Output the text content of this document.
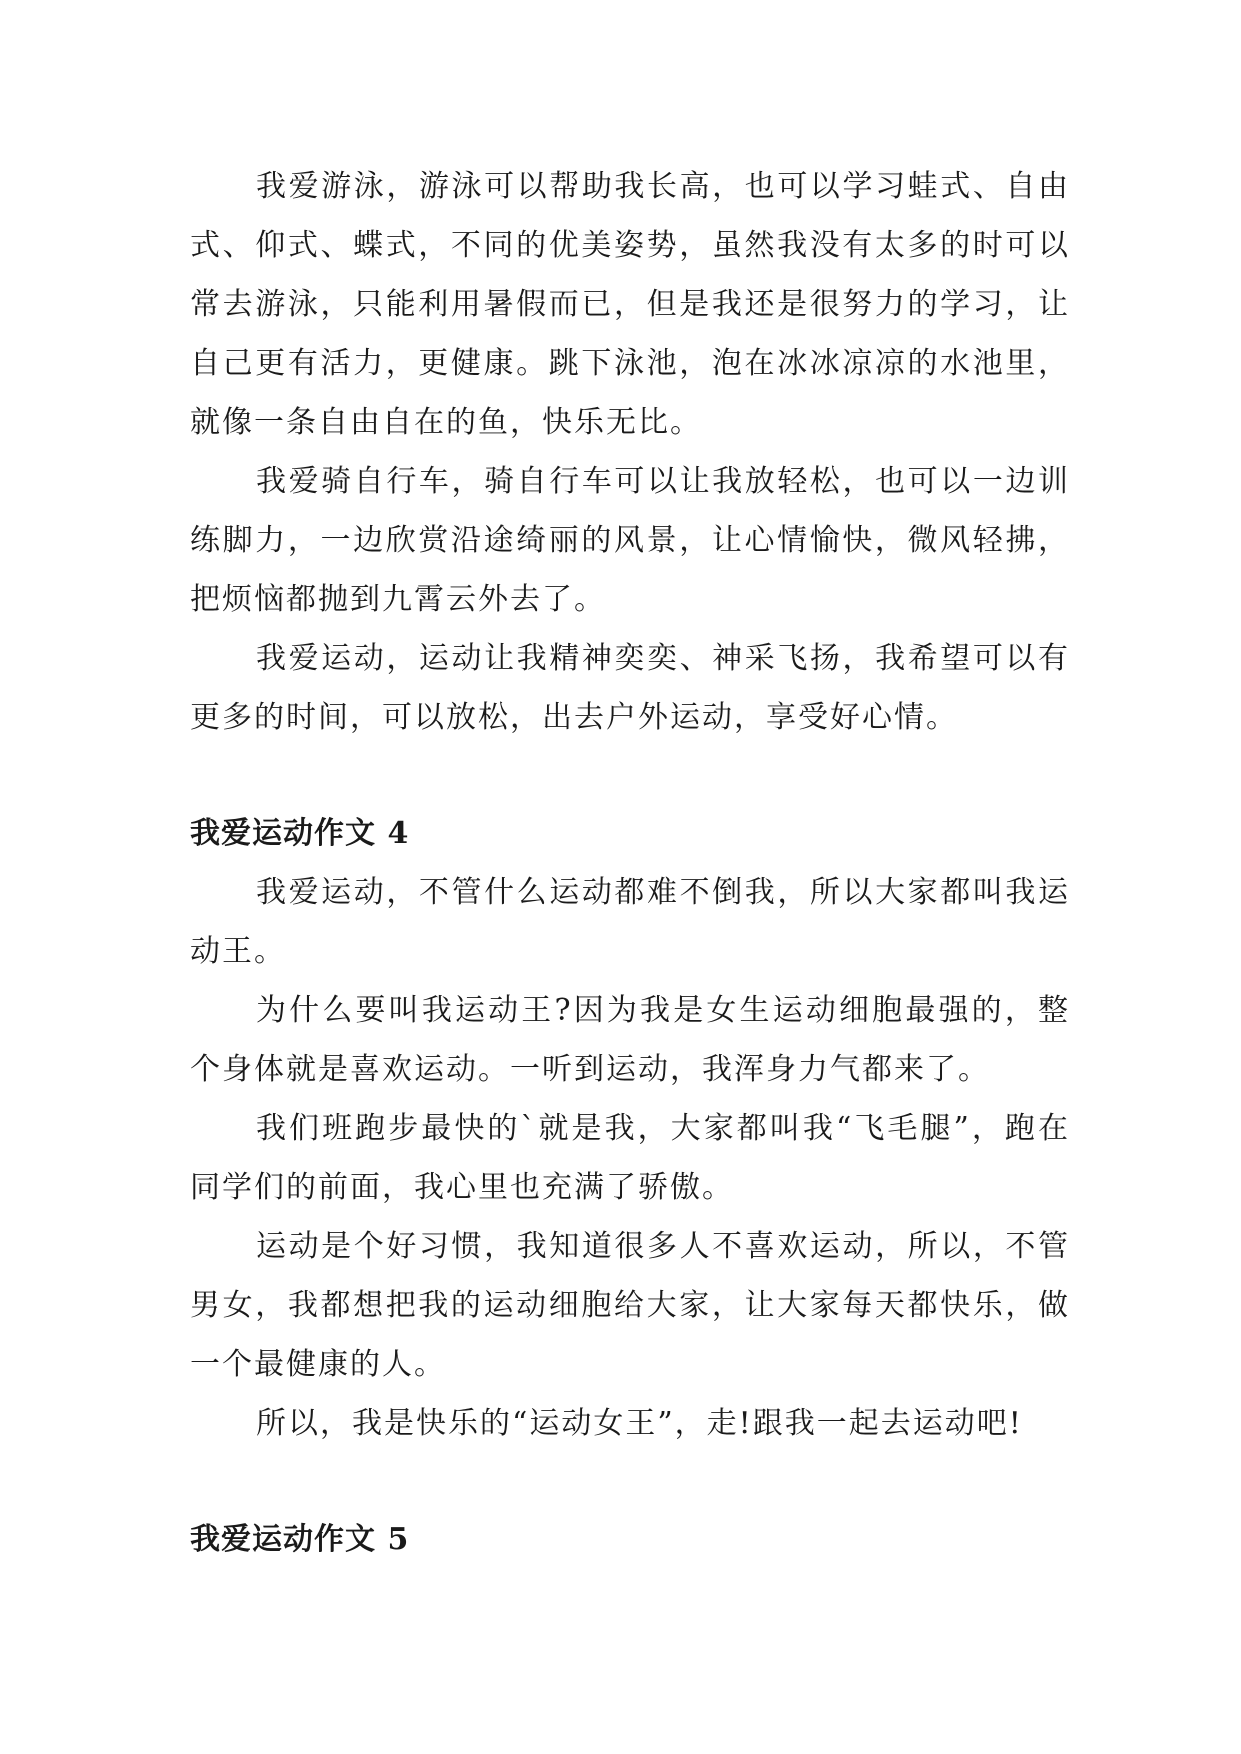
我爱游泳，游泳可以帮助我长高，也可以学习蛙式、自由式、仰式、蝶式，不同的优美姿势，虽然我没有太多的时可以常去游泳，只能利用暑假而已，但是我还是很努力的学习，让自己更有活力，更健康。跳下泳池，泡在冰冰凉凉的水池里，就像一条自由自在的鱼，快乐无比。

我爱骑自行车，骑自行车可以让我放轻松，也可以一边训练脚力，一边欣赏沿途绮丽的风景，让心情愉快，微风轻拂，把烦恼都抛到九霄云外去了。

我爱运动，运动让我精神奕奕、神采飞扬，我希望可以有更多的时间，可以放松，出去户外运动，享受好心情。

我爱运动作文 4

我爱运动，不管什么运动都难不倒我，所以大家都叫我运动王。

为什么要叫我运动王?因为我是女生运动细胞最强的，整个身体就是喜欢运动。一听到运动，我浑身力气都来了。

我们班跑步最快的`就是我，大家都叫我“飞毛腿”，跑在同学们的前面，我心里也充满了骄傲。

运动是个好习惯，我知道很多人不喜欢运动，所以，不管男女，我都想把我的运动细胞给大家，让大家每天都快乐，做一个最健康的人。

所以，我是快乐的“运动女王”，走!跟我一起去运动吧!

我爱运动作文 5
